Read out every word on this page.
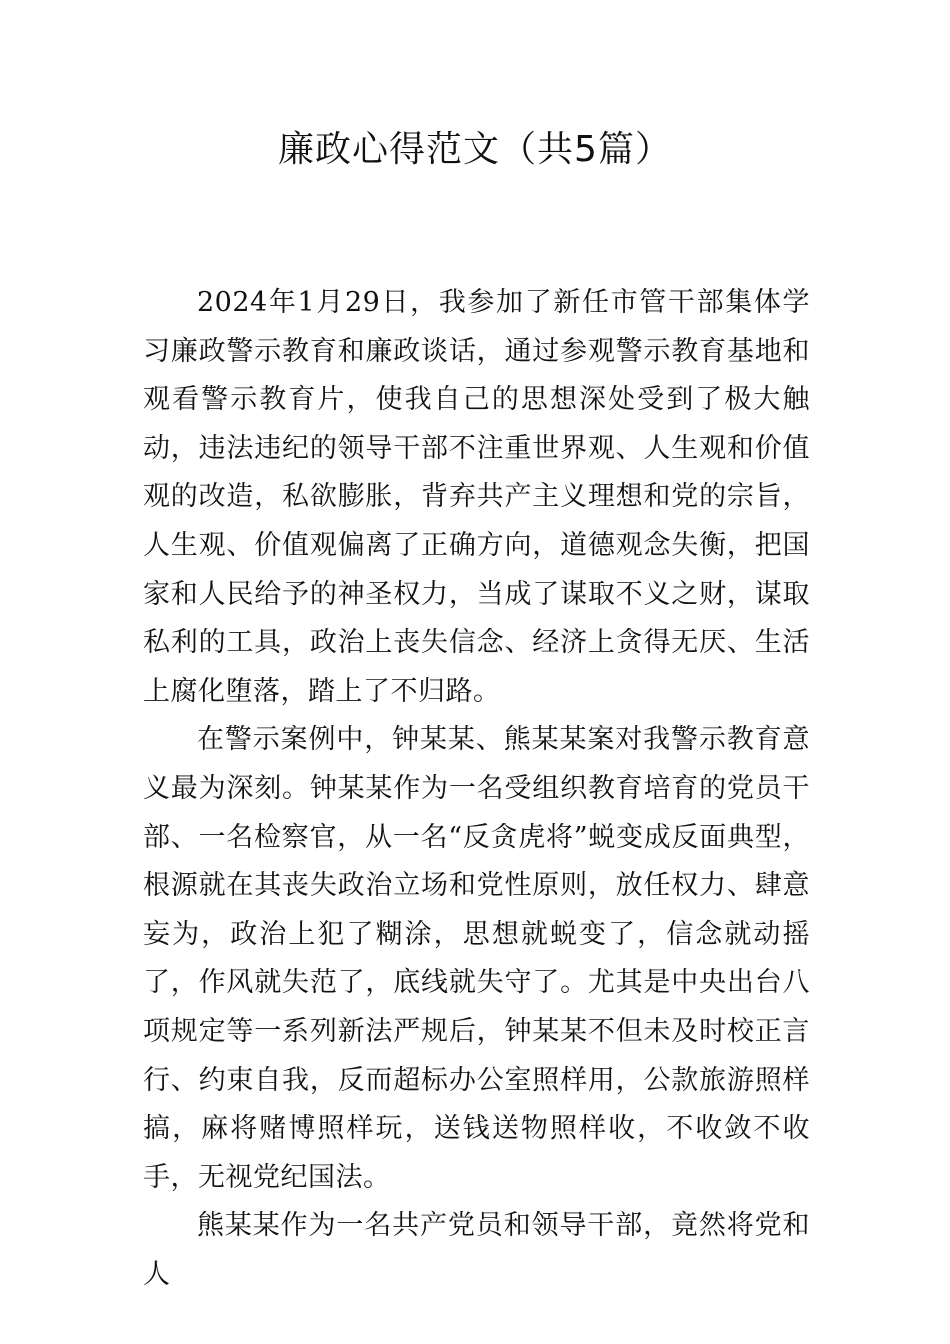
廉政心得范文（共5篇）

2024年1月29日，我参加了新任市管干部集体学习廉政警示教育和廉政谈话，通过参观警示教育基地和观看警示教育片，使我自己的思想深处受到了极大触动，违法违纪的领导干部不注重世界观、人生观和价值观的改造，私欲膨胀，背弃共产主义理想和党的宗旨，人生观、价值观偏离了正确方向，道德观念失衡，把国家和人民给予的神圣权力，当成了谋取不义之财，谋取私利的工具，政治上丧失信念、经济上贪得无厌、生活上腐化堕落，踏上了不归路。

在警示案例中，钟某某、熊某某案对我警示教育意义最为深刻。钟某某作为一名受组织教育培育的党员干部、一名检察官，从一名“反贪虎将”蜕变成反面典型，根源就在其丧失政治立场和党性原则，放任权力、肆意妄为，政治上犯了糊涂，思想就蜕变了，信念就动摇了，作风就失范了，底线就失守了。尤其是中央出台八项规定等一系列新法严规后，钟某某不但未及时校正言行、约束自我，反而超标办公室照样用，公款旅游照样搞，麻将赌博照样玩，送钱送物照样收，不收敛不收手，无视党纪国法。

熊某某作为一名共产党员和领导干部，竟然将党和人
